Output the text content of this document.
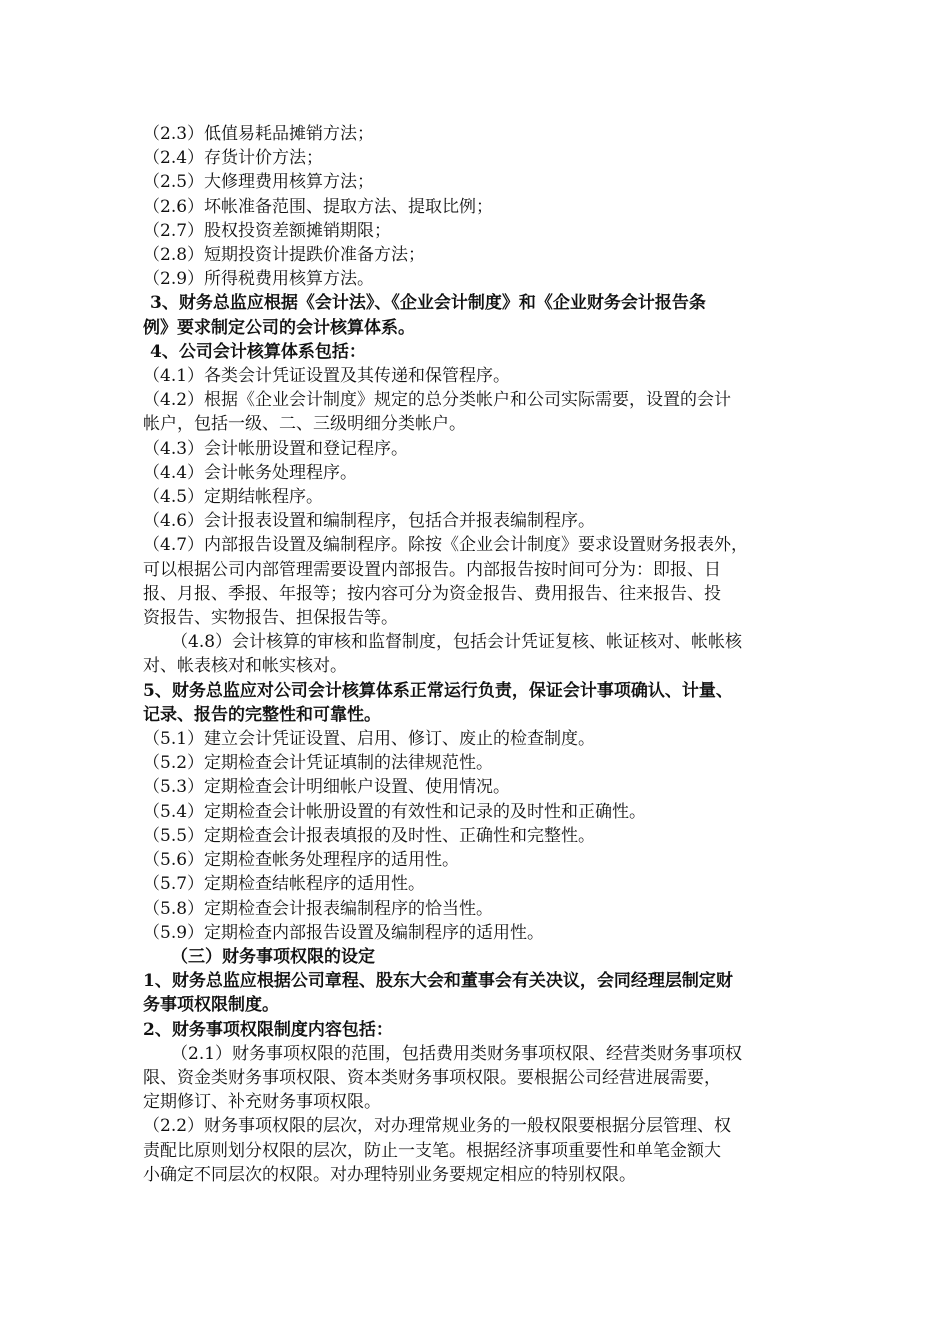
（2.3）低值易耗品摊销方法；
（2.4）存货计价方法；
（2.5）大修理费用核算方法；
（2.6）坏帐准备范围、提取方法、提取比例；
（2.7）股权投资差额摊销期限；
（2.8）短期投资计提跌价准备方法；
（2.9）所得税费用核算方法。
3、财务总监应根据《会计法》、《企业会计制度》和《企业财务会计报告条
例》要求制定公司的会计核算体系。
4、公司会计核算体系包括：
（4.1）各类会计凭证设置及其传递和保管程序。
（4.2）根据《企业会计制度》规定的总分类帐户和公司实际需要，设置的会计
帐户，包括一级、二、三级明细分类帐户。
（4.3）会计帐册设置和登记程序。
（4.4）会计帐务处理程序。
（4.5）定期结帐程序。
（4.6）会计报表设置和编制程序，包括合并报表编制程序。
（4.7）内部报告设置及编制程序。除按《企业会计制度》要求设置财务报表外，
可以根据公司内部管理需要设置内部报告。内部报告按时间可分为：即报、日
报、月报、季报、年报等；按内容可分为资金报告、费用报告、往来报告、投
资报告、实物报告、担保报告等。
（4.8）会计核算的审核和监督制度，包括会计凭证复核、帐证核对、帐帐核
对、帐表核对和帐实核对。
5、财务总监应对公司会计核算体系正常运行负责，保证会计事项确认、计量、
记录、报告的完整性和可靠性。
（5.1）建立会计凭证设置、启用、修订、废止的检查制度。
（5.2）定期检查会计凭证填制的法律规范性。
（5.3）定期检查会计明细帐户设置、使用情况。
（5.4）定期检查会计帐册设置的有效性和记录的及时性和正确性。
（5.5）定期检查会计报表填报的及时性、正确性和完整性。
（5.6）定期检查帐务处理程序的适用性。
（5.7）定期检查结帐程序的适用性。
（5.8）定期检查会计报表编制程序的恰当性。
（5.9）定期检查内部报告设置及编制程序的适用性。
（三）财务事项权限的设定
1、财务总监应根据公司章程、股东大会和董事会有关决议，会同经理层制定财
务事项权限制度。
2、财务事项权限制度内容包括：
（2.1）财务事项权限的范围，包括费用类财务事项权限、经营类财务事项权
限、资金类财务事项权限、资本类财务事项权限。要根据公司经营进展需要，
定期修订、补充财务事项权限。
（2.2）财务事项权限的层次，对办理常规业务的一般权限要根据分层管理、权
责配比原则划分权限的层次，防止一支笔。根据经济事项重要性和单笔金额大
小确定不同层次的权限。对办理特别业务要规定相应的特别权限。
